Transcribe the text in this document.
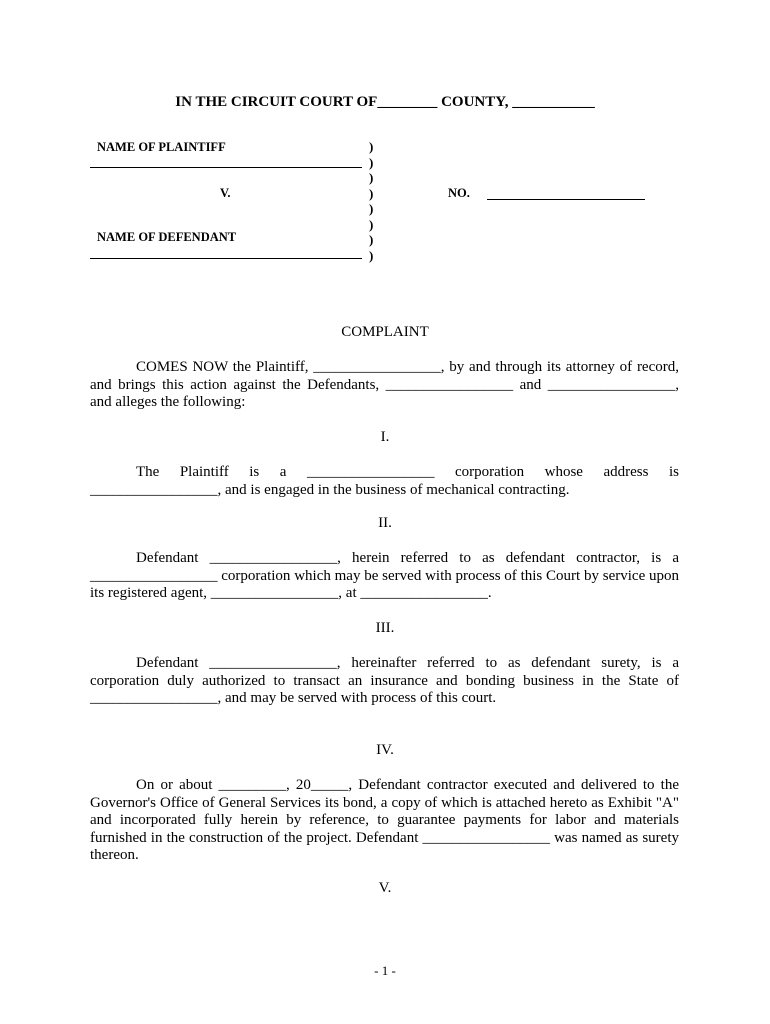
IN THE CIRCUIT COURT OF________ COUNTY, ___________
NAME OF PLAINTIFF
V.
NAME OF DEFENDANT
)
)
)
)
)
)
)
)
NO.
COMPLAINT
COMES NOW the Plaintiff, _________________, by and through its attorney of record, and brings this action against the Defendants, _________________ and _________________, and alleges the following:
I.
The Plaintiff is a _________________ corporation whose address is _________________, and is engaged in the business of mechanical contracting.
II.
Defendant _________________, herein referred to as defendant contractor, is a _________________ corporation which may be served with process of this Court by service upon its registered agent, _________________, at _________________.
III.
Defendant _________________, hereinafter referred to as defendant surety, is a corporation duly authorized to transact an insurance and bonding business in the State of _________________, and may be served with process of this court.
IV.
On or about _________, 20_____, Defendant contractor executed and delivered to the Governor's Office of General Services its bond, a copy of which is attached hereto as Exhibit "A" and incorporated fully herein by reference, to guarantee payments for labor and materials furnished in the construction of the project. Defendant _________________ was named as surety thereon.
V.
- 1 -
